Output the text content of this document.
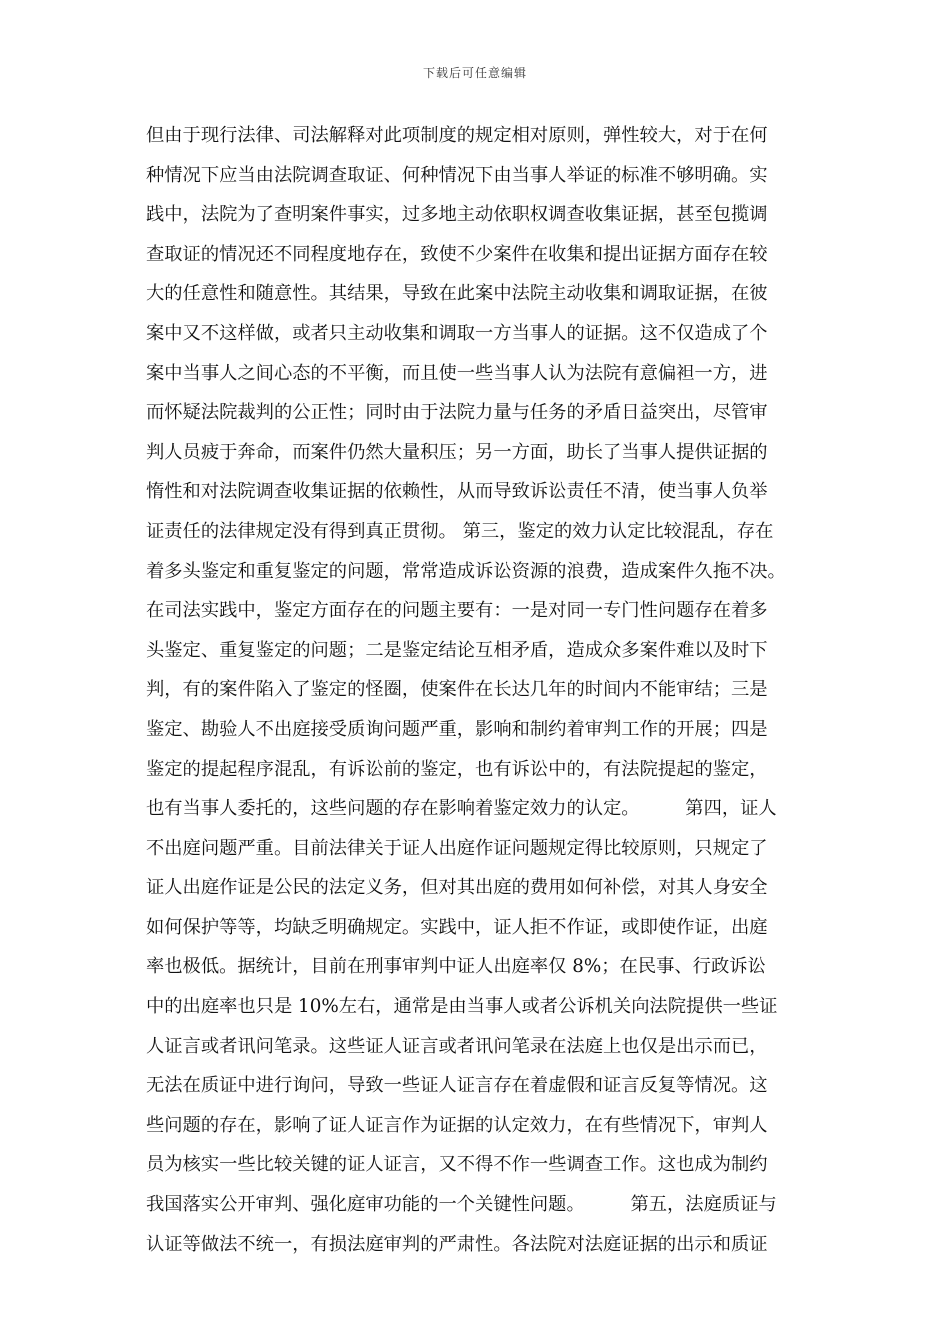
下载后可任意编辑
但由于现行法律、司法解释对此项制度的规定相对原则，弹性较大，对于在何
种情况下应当由法院调查取证、何种情况下由当事人举证的标准不够明确。实
践中，法院为了查明案件事实，过多地主动依职权调查收集证据，甚至包揽调
查取证的情况还不同程度地存在，致使不少案件在收集和提出证据方面存在较
大的任意性和随意性。其结果，导致在此案中法院主动收集和调取证据，在彼
案中又不这样做，或者只主动收集和调取一方当事人的证据。这不仅造成了个
案中当事人之间心态的不平衡，而且使一些当事人认为法院有意偏袒一方，进
而怀疑法院裁判的公正性；同时由于法院力量与任务的矛盾日益突出，尽管审
判人员疲于奔命，而案件仍然大量积压；另一方面，助长了当事人提供证据的
惰性和对法院调查收集证据的依赖性，从而导致诉讼责任不清，使当事人负举
证责任的法律规定没有得到真正贯彻。 第三，鉴定的效力认定比较混乱，存在
着多头鉴定和重复鉴定的问题，常常造成诉讼资源的浪费，造成案件久拖不决。
在司法实践中，鉴定方面存在的问题主要有：一是对同一专门性问题存在着多
头鉴定、重复鉴定的问题；二是鉴定结论互相矛盾，造成众多案件难以及时下
判，有的案件陷入了鉴定的怪圈，使案件在长达几年的时间内不能审结；三是
鉴定、勘验人不出庭接受质询问题严重，影响和制约着审判工作的开展；四是
鉴定的提起程序混乱，有诉讼前的鉴定，也有诉讼中的，有法院提起的鉴定，
也有当事人委托的，这些问题的存在影响着鉴定效力的认定。　　　第四，证人
不出庭问题严重。目前法律关于证人出庭作证问题规定得比较原则，只规定了
证人出庭作证是公民的法定义务，但对其出庭的费用如何补偿，对其人身安全
如何保护等等，均缺乏明确规定。实践中，证人拒不作证，或即使作证，出庭
率也极低。据统计，目前在刑事审判中证人出庭率仅 8%；在民事、行政诉讼
中的出庭率也只是 10%左右，通常是由当事人或者公诉机关向法院提供一些证
人证言或者讯问笔录。这些证人证言或者讯问笔录在法庭上也仅是出示而已，
无法在质证中进行询问，导致一些证人证言存在着虚假和证言反复等情况。这
些问题的存在，影响了证人证言作为证据的认定效力，在有些情况下，审判人
员为核实一些比较关键的证人证言，又不得不作一些调查工作。这也成为制约
我国落实公开审判、强化庭审功能的一个关键性问题。　　　第五，法庭质证与
认证等做法不统一，有损法庭审判的严肃性。各法院对法庭证据的出示和质证
